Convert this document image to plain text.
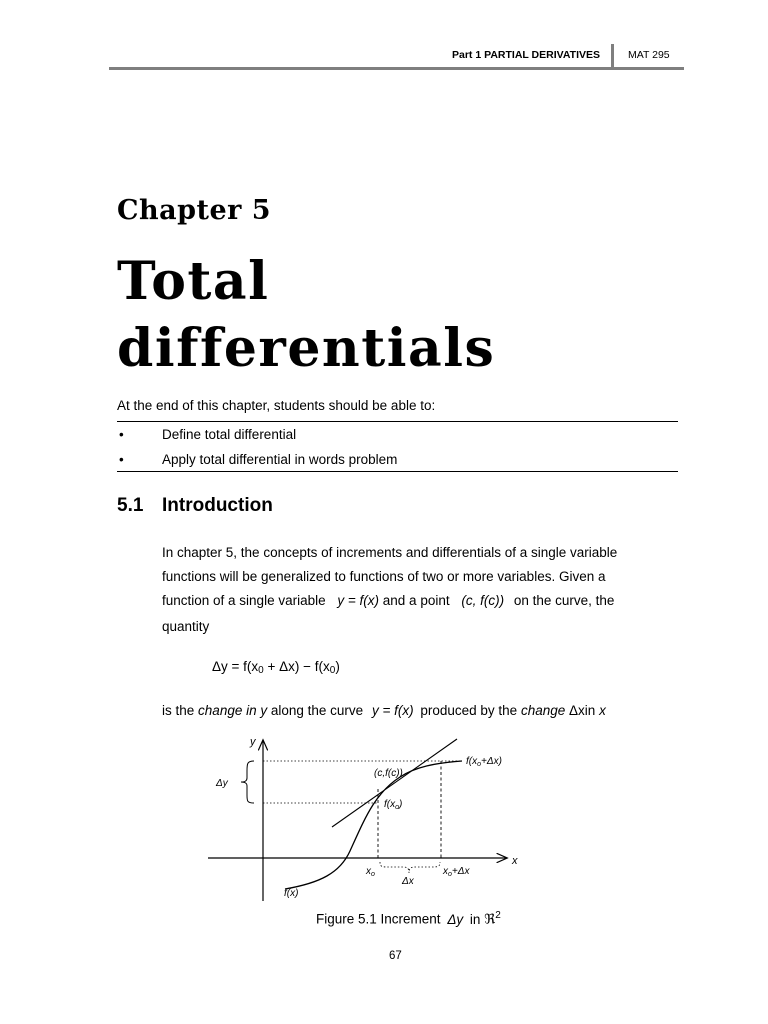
Part 1 PARTIAL DERIVATIVES	MAT 295
Chapter 5
Total
differentials
At the end of this chapter, students should be able to:
•	Define total differential
•	Apply total differential in words problem
5.1 Introduction
In chapter 5, the concepts of increments and differentials of a single variable
functions will be generalized to functions of two or more variables. Given a
function of a single variable y = f(x) and a point (c, f(c)) on the curve, the
quantity
$\Delta y = f(x_0 + \Delta x) - f(x_0)$
is the change in y along the curve y = f(x) produced by the change Δxin x
y
x
Δy
(c,f(c))
$f(x_o)$
$f(x_o+\Delta x)$
$x_o$	$x_o+\Delta x$
Δx
f(x)
Figure 5.1 Increment Δy in ℜ$^2$
67
